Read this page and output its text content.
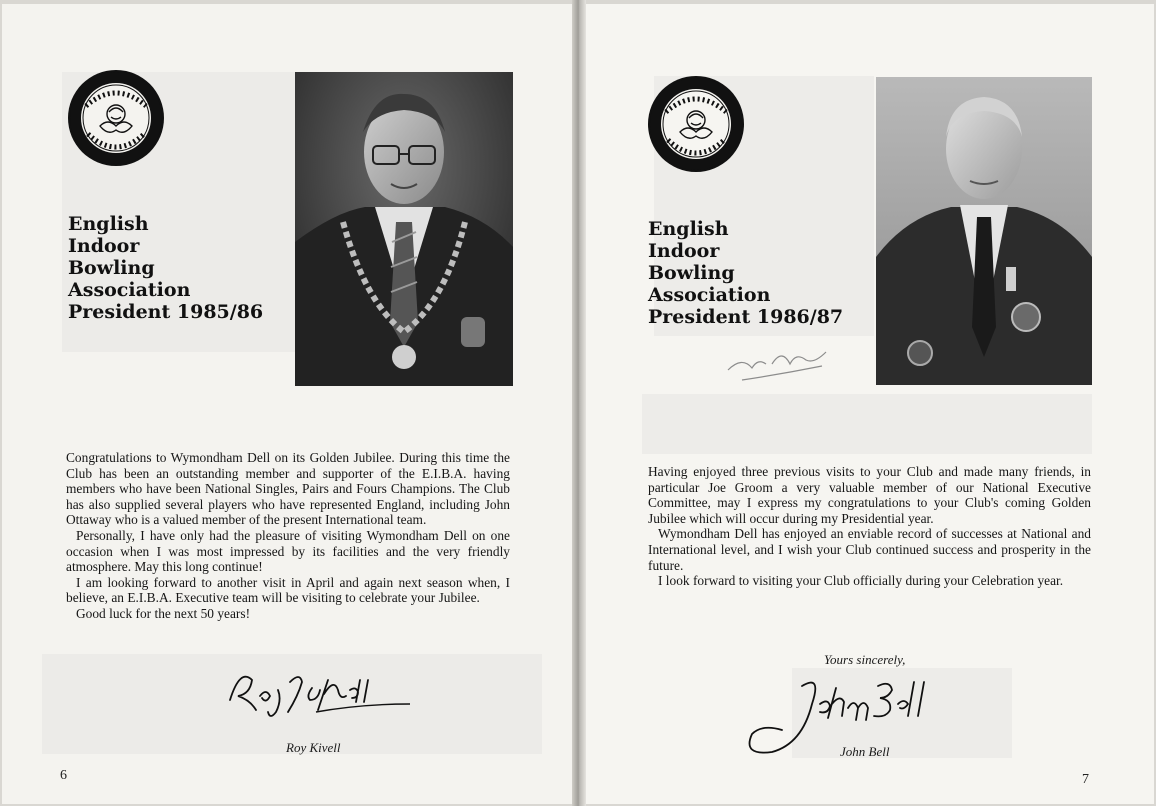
English
Indoor
Bowling
Association
President 1985/86

Congratulations to Wymondham Dell on its Golden Jubilee. During this time the Club has been an outstanding member and supporter of the E.I.B.A. having members who have been National Singles, Pairs and Fours Champions. The Club has also supplied several players who have represented England, including John Ottaway who is a valued member of the present International team.

Personally, I have only had the pleasure of visiting Wymondham Dell on one occasion when I was most impressed by its facilities and the very friendly atmosphere. May this long continue!

I am looking forward to another visit in April and again next season when, I believe, an E.I.B.A. Executive team will be visiting to celebrate your Jubilee.

Good luck for the next 50 years!

Roy Kivell
6
English
Indoor
Bowling
Association
President 1986/87

Having enjoyed three previous visits to your Club and made many friends, in particular Joe Groom a very valuable member of our National Executive Committee, may I express my congratulations to your Club's coming Golden Jubilee which will occur during my Presidential year.

Wymondham Dell has enjoyed an enviable record of successes at National and International level, and I wish your Club continued success and prosperity in the future.

I look forward to visiting your Club officially during your Celebration year.

Yours sincerely,
John Bell
7
